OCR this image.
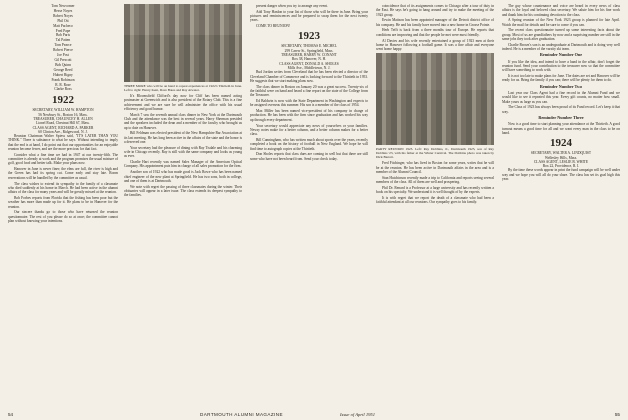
Tom Newcomer
Hesse Noyes
Robert Noyes
Phil Ott
Matt Pacheco
Fred Pape
Bob Paris
Tal Patten
Tom Pearce
Robert Pierce
Joe Post
Gil Prescott
Bob Quinn
George Reed
Hubert Rigny
Frank Robinson
R. R. Rose
Clarke Ross
1922
SECRETARY, WILLIAM W. HAMPTON
56 Newbury St., Boston 16, Mass.
TREASURER, CHAUNCEY H. ALLEN
Lionel Road, Chestnut Hill 67, Mass.
CLASS AGENT, RICHARD A. PARKER
60 Clinton Ave., Ridgewood, N. J.

Reunion Chairman Walter Spiess said, "IT'S LATER THAN YOU THINK." There is substance to what he says. Without intending to imply that the end is at hand, I do point out that our opportunities for an enjoyable reunion become fewer, and are the more precious for that fact.

Consider what a fine time we had in 1947 at our twenty-fifth. The committee is already at work and the program promises the usual mixture of golf, good food and better talk. Make your plans now.

Hanover in June is never finer; the elms are full, the river is high and the Green has had its spring cut. Come early and stay late. Room reservations will be handled by the committee as usual.

The class wishes to extend its sympathy to the family of a classmate who died suddenly at his home in March. He had been active in the alumni affairs of the class for many years and will be greatly missed at the reunion.

Bob Forbes reports from Florida that the fishing has been poor but the weather has more than made up for it. He plans to be in Hanover for the reunion.

Our sincere thanks go to those who have returned the reunion questionnaire. The rest of you please do so at once; the committee cannot plan without knowing your intentions.

THREE MORE who will be on hand to repeat experiences at 1922's Thirtieth in June. Left to right: Henry Kent, Dave Bates and Ray Atwater.

It's Bloomsfield Clifford's day now for Cliff has been named acting postmaster at Greenwich and is also president of the Rotary Club. This is a fine achievement and we are sure he will administer the office with his usual efficiency and good humor.

March 7 saw the seventh annual class dinner in New York at the Dartmouth Club and the attendance was the best in several years. Harry Sherman presided and the speakers included the dean and a member of the faculty who brought us up to date on Hanover.

Bill Feldman was elected president of the New Hampshire Bar Association at its last meeting. He has long been active in the affairs of the state and the honor is a deserved one.

Your secretary had the pleasure of dining with Ray Tisdale and his charming wife in Chicago recently. Ray is still with the same company and looks as young as ever.

Charlie Hart recently was named Sales Manager of the American Optical Company. His appointment puts him in charge of all sales promotion for the firm.

Another son of 1922 who has made good is Jack Rowe who has been named chief engineer of the new plant at Springfield. He has two sons, both in college, and one of them is at Dartmouth.

We note with regret the passing of three classmates during the winter. Their obituaries will appear in a later issue. The class extends its deepest sympathy to the families.

present danger when you try to arrange any event.

Add Tony Hanlon to your list of those who will be there in June. Bring your pictures and reminiscences and be prepared to swap them for the next twenty years.

COME TO REUNION!

1923
SECRETARY, THOMAS E. MICHEL
299 Carew St., Springfield, Mass.
TREASURER, HARRY W. CONANT
Box 38, Hanover, N. H.
CLASS AGENT, DONALD A. SHOLES
Mills Ave., Middletown, N. J.

Bud Jordan writes from Cleveland that he has been elected a director of the Cleveland Chamber of Commerce and is looking forward to the Thirtieth in 1953. He suggests that we start making plans now.

The class dinner in Boston on January 20 was a great success. Twenty-six of the faithful were on hand and heard a fine report on the state of the College from the Treasurer.

Ed Baldwin is now with the State Department in Washington and expects to be assigned overseas this summer. His son is a member of the class of 1954.

Max Miller has been named vice-president of his company in charge of production. He has been with the firm since graduation and has worked his way up through every department.

Your secretary would appreciate any news of yourselves or your families. Newsy notes make for a better column, and a better column makes for a better class.

Bill Cunningham, who has written much about sports over the years, recently completed a book on the history of football in New England. We hope he will find time to autograph copies at the Thirtieth.

Don Sholes reports that class dues are coming in well but that there are still some who have not been heard from. Send your check today.

coincidence that of its assignments comes to Chicago after a tour of duty in the East. He says he's going to hang around and try to make the meeting of the 1923 group.

Erwin Mattson has been appointed manager of the Detroit district office of his company. He and his family have moved into a new home in Grosse Pointe.

Herb Tefft is back from a three months tour of Europe. He reports that conditions are improving and that the people he met were most friendly.

Al Davies and his wife recently entertained a group of 1923 men at their home in Hanover following a football game. It was a fine affair and everyone went home happy.

PARTY REUNION 1923. Left: Ray Dobbins, Jr., Dartmouth 1923, son of Ray Dobbins '23, with his father at the Winter Carnival. The Dobbins photo was taken by Dick Barrett.

Fred Fitchinger, who has lived in Boston for some years, writes that he will be at the reunion. He has been active in Dartmouth affairs in the area and is a member of the Alumni Council.

Stan Hutchinson recently made a trip to California and reports seeing several members of the class. All of them are well and prospering.

Phil Dr. Renard is a Professor at a large university and has recently written a book on his specialty. We understand it is well thought of by the experts.

It is with regret that we report the death of a classmate who had been a faithful attendant at all our reunions. Our sympathy goes to his family.

The guy whose countenance and voice are heard in every news of class affairs is the loyal and beloved class secretary. We salute him for his fine work and thank him for his continuing devotion to the class.

A Spring reunion of the New York 1923 group is planned for late April. Watch the mail for details and be sure to come if you can.

The recent class questionnaire turned up some interesting facts about the group. Most of us are grandfathers by now and a surprising number are still in the same jobs they took after graduation.

Charlie Brown's son is an undergraduate at Dartmouth and is doing very well indeed. He is a member of the varsity ski team.

Reminder Number One

If you like the idea, and intend to have a hand in the affair, don't forget the reunion fund. Send your contribution to the treasurer now so that the committee will have something to work with.

It is not too late to make plans for June. The dates are set and Hanover will be ready for us. Bring the family if you can; there will be plenty for them to do.

Reminder Number Two

Last year our Class Agent had a fine record in the Alumni Fund and we would like to see it repeated this year. Every gift counts, no matter how small. Make yours as large as you can.

The Class of 1923 has always been proud of its Fund record. Let's keep it that way.

Reminder Number Three

Now is a good time to start planning your attendance at the Thirtieth. A good turnout means a good time for all and we want every man in the class to be on hand.

1924
SECRETARY, WALTER A. LINDQUIST
Wellesley Hills, Mass.
CLASS AGENT, LESLIE B. WHITE
Box 22, Providence, R. I.

By the time these words appear in print the fund campaign will be well under way and we hope you will all do your share. The class has set its goal high this year.

54	DARTMOUTH ALUMNI MAGAZINE	Issue of April 1951	55
